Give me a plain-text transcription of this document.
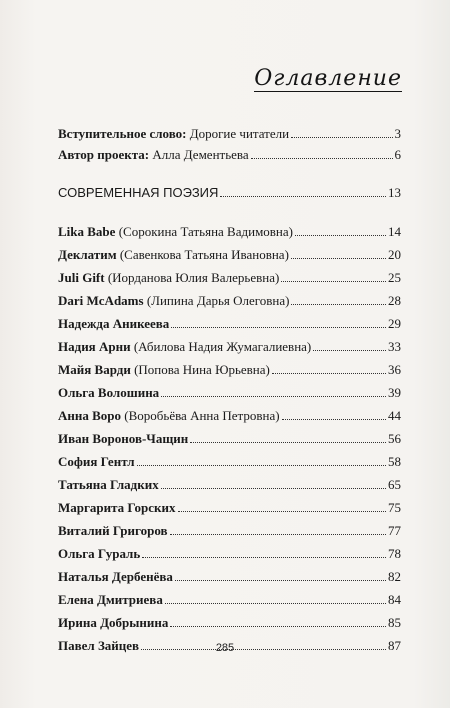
Оглавление
Вступительное слово: Дорогие читатели	3
Автор проекта: Алла Дементьева	6
СОВРЕМЕННАЯ ПОЭЗИЯ	13
Lika Babe (Сорокина Татьяна Вадимовна)	14
Деклатим (Савенкова Татьяна Ивановна)	20
Juli Gift (Иорданова Юлия Валерьевна)	25
Dari McAdams (Липина Дарья Олеговна)	28
Надежда Аникеева	29
Надия Арни (Абилова Надия Жумагалиевна)	33
Майя Варди (Попова Нина Юрьевна)	36
Ольга Волошина	39
Анна Воро (Воробьёва Анна Петровна)	44
Иван Воронов-Чащин	56
София Гентл	58
Татьяна Гладких	65
Маргарита Горских	75
Виталий Григоров	77
Ольга Гураль	78
Наталья Дербенёва	82
Елена Дмитриева	84
Ирина Добрынина	85
Павел Зайцев	87
285
